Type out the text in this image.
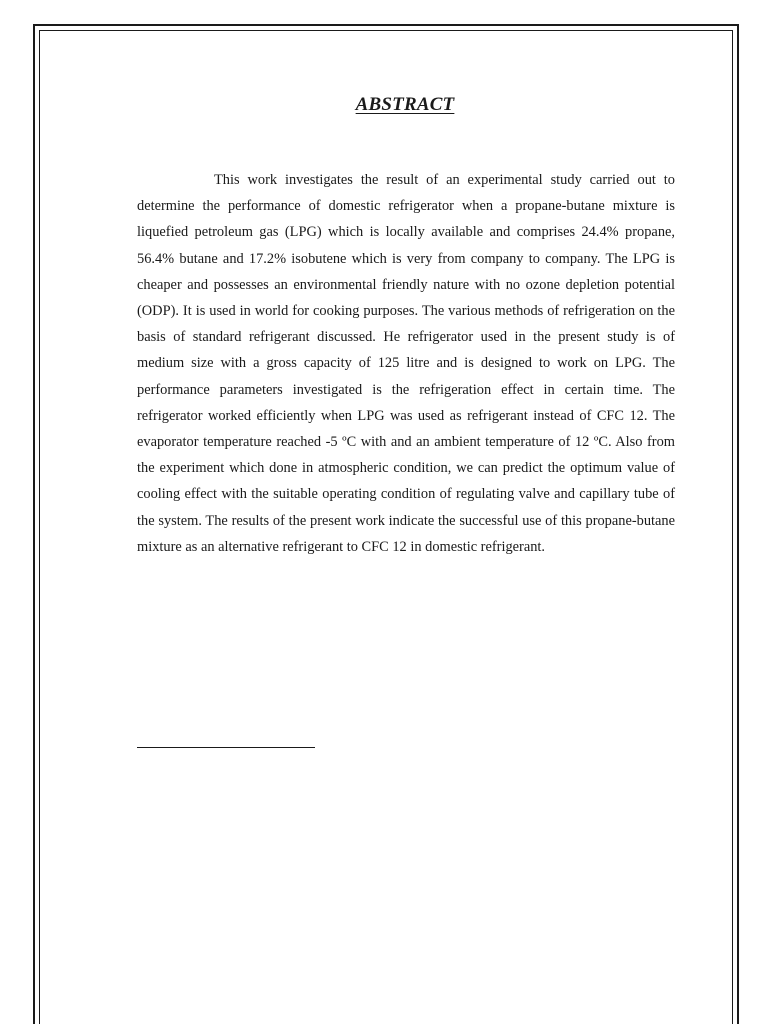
ABSTRACT

This work investigates the result of an experimental study carried out to determine the performance of domestic refrigerator when a propane-butane mixture is liquefied petroleum gas (LPG) which is locally available and comprises 24.4% propane, 56.4% butane and 17.2% isobutene which is very from company to company. The LPG is cheaper and possesses an environmental friendly nature with no ozone depletion potential (ODP). It is used in world for cooking purposes. The various methods of refrigeration on the basis of standard refrigerant discussed. He refrigerator used in the present study is of medium size with a gross capacity of 125 litre and is designed to work on LPG. The performance parameters investigated is the refrigeration effect in certain time. The refrigerator worked efficiently when LPG was used as refrigerant instead of CFC 12. The evaporator temperature reached -5 ºC with and an ambient temperature of 12 ºC. Also from the experiment which done in atmospheric condition, we can predict the optimum value of cooling effect with the suitable operating condition of regulating valve and capillary tube of the system. The results of the present work indicate the successful use of this propane-butane mixture as an alternative refrigerant to CFC 12 in domestic refrigerant.
